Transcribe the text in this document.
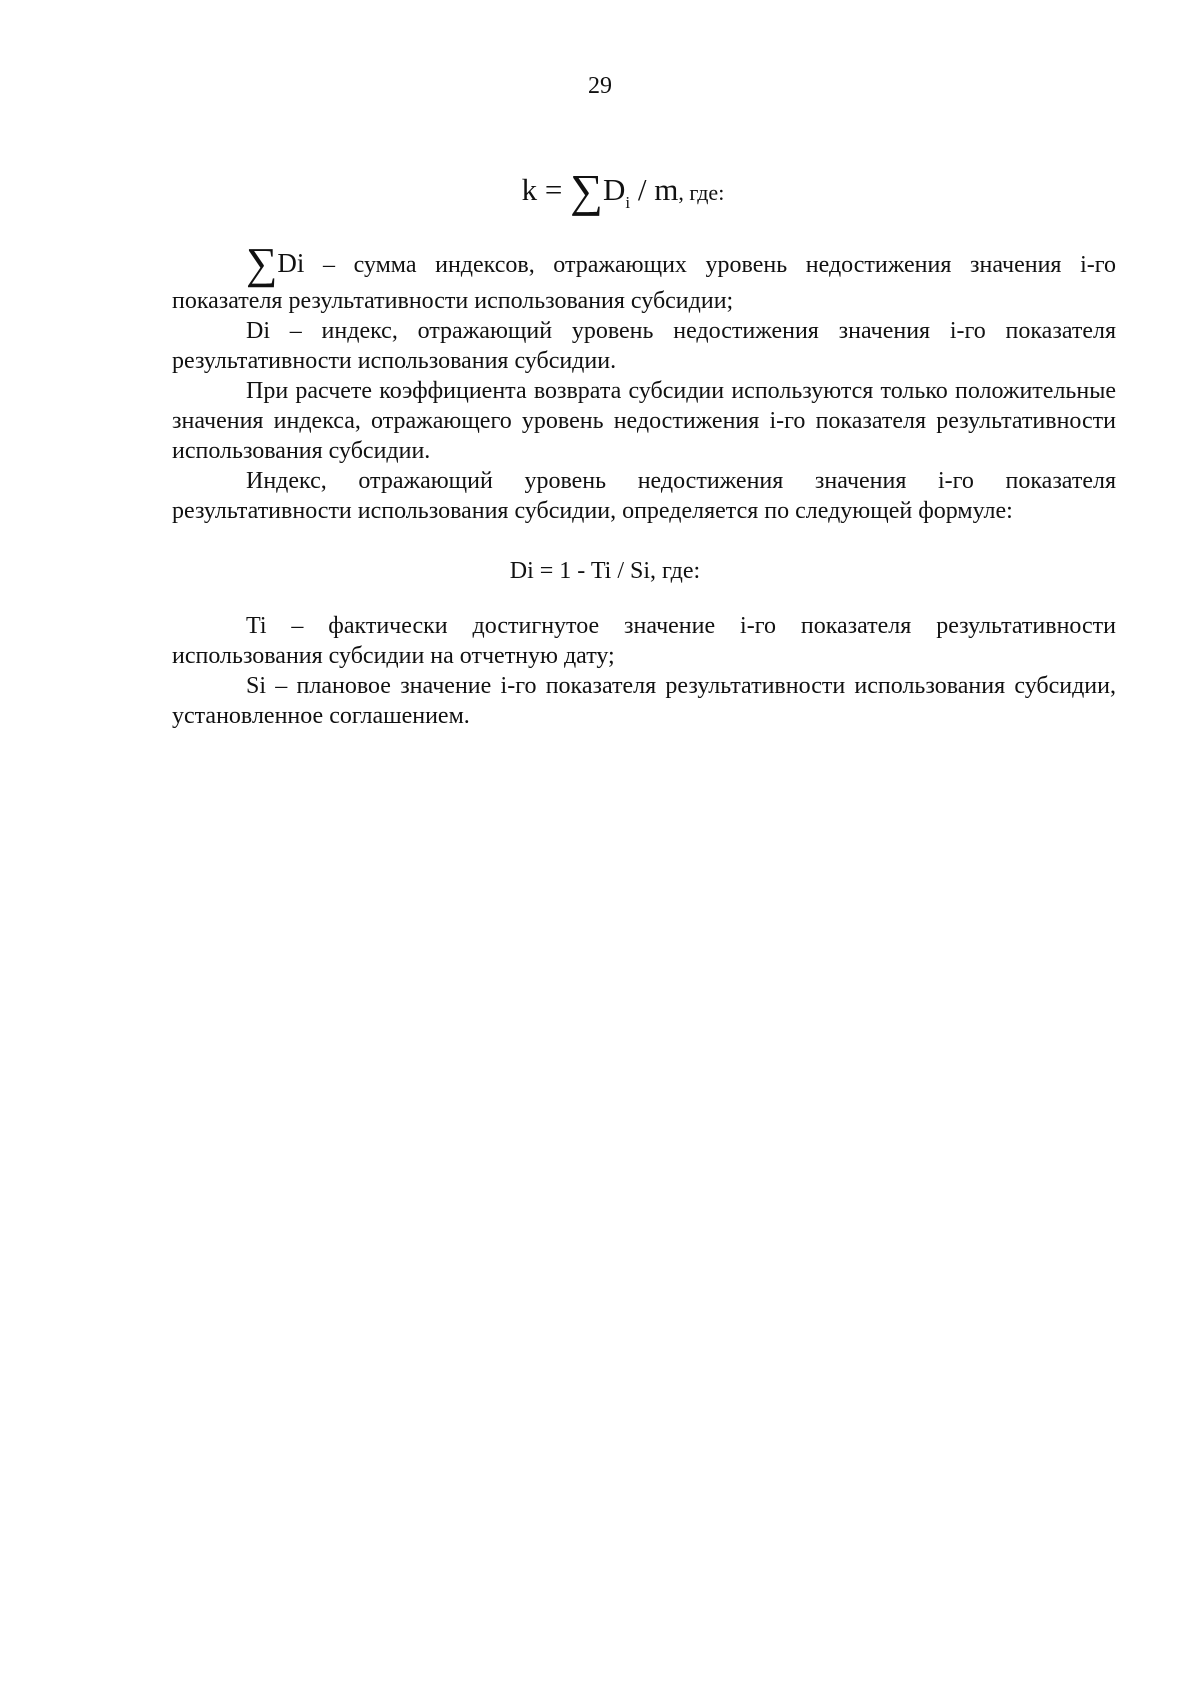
29
$k = \sum D_i / m$, где:

∑Di – сумма индексов, отражающих уровень недостижения значения i-го показателя результативности использования субсидии;

Di – индекс, отражающий уровень недостижения значения i-го показателя результативности использования субсидии.

При расчете коэффициента возврата субсидии используются только положительные значения индекса, отражающего уровень недостижения i-го показателя результативности использования субсидии.

Индекс, отражающий уровень недостижения значения i-го показателя результативности использования субсидии, определяется по следующей формуле:

Di = 1 - Ti / Si, где:

Ti – фактически достигнутое значение i-го показателя результативности использования субсидии на отчетную дату;

Si – плановое значение i-го показателя результативности использования субсидии, установленное соглашением.
